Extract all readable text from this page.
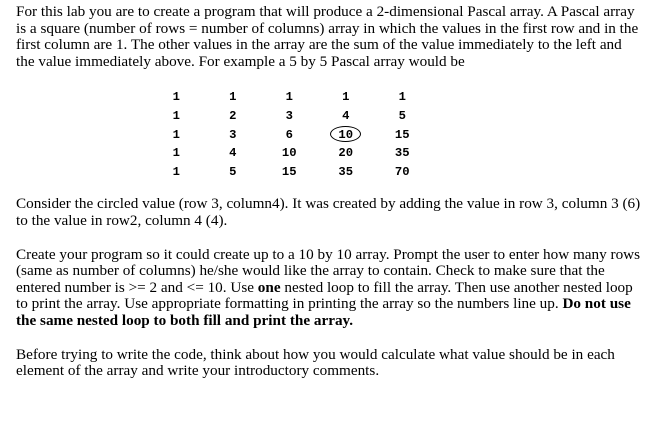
For this lab you are to create a program that will produce a 2-dimensional Pascal array. A Pascal array is a square (number of rows = number of columns) array in which the values in the first row and in the first column are 1. The other values in the array are the sum of the value immediately to the left and the value immediately above. For example a 5 by 5 Pascal array would be

1	1	1	1	1
1	2	3	4	5
1	3	6	10	15
1	4	10	20	35
1	5	15	35	70

Consider the circled value (row 3, column4). It was created by adding the value in row 3, column 3 (6) to the value in row2, column 4 (4).

Create your program so it could create up to a 10 by 10 array. Prompt the user to enter how many rows (same as number of columns) he/she would like the array to contain. Check to make sure that the entered number is >= 2 and <= 10. Use one nested loop to fill the array. Then use another nested loop to print the array. Use appropriate formatting in printing the array so the numbers line up. Do not use the same nested loop to both fill and print the array.

Before trying to write the code, think about how you would calculate what value should be in each element of the array and write your introductory comments.
